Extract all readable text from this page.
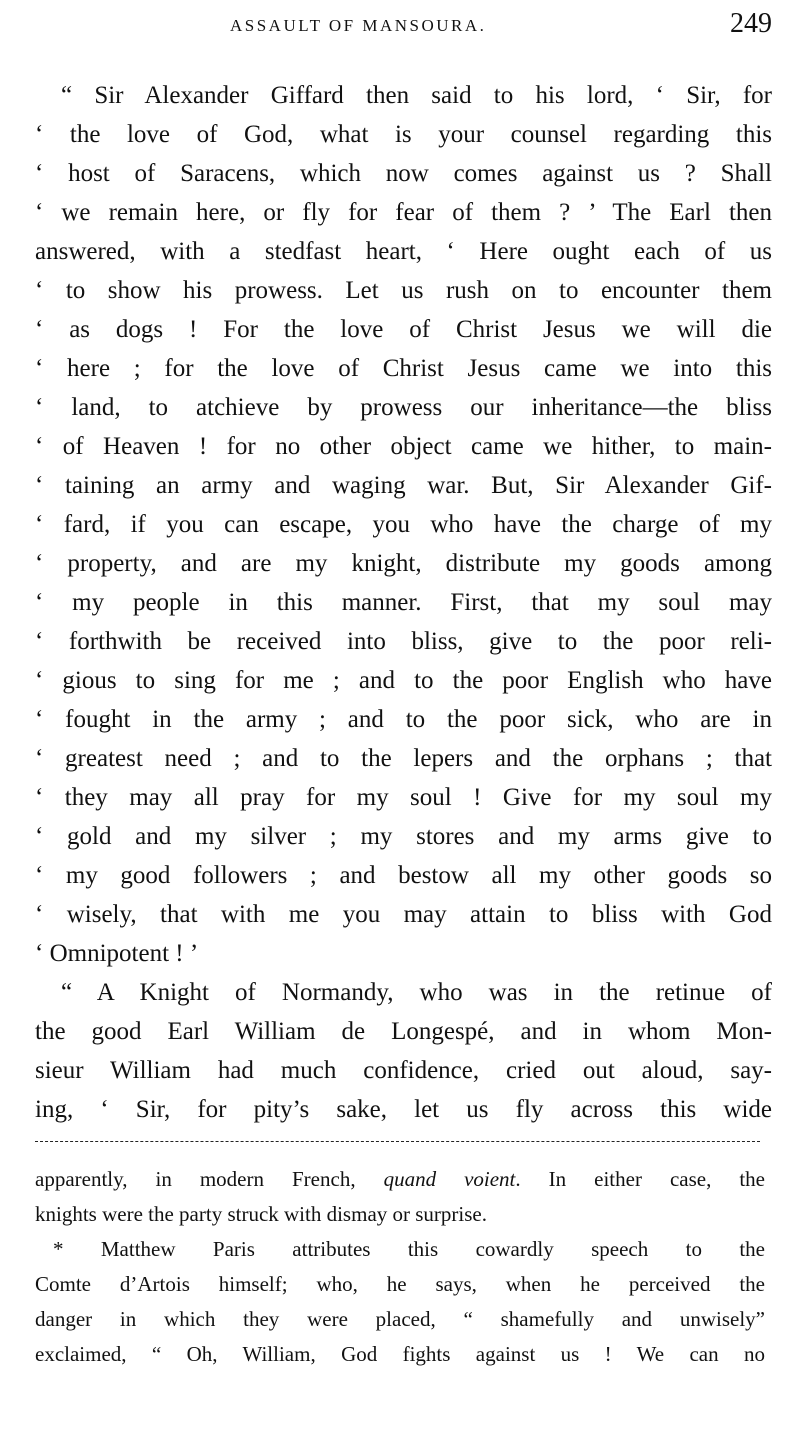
ASSAULT OF MANSOURA.	249
“ Sir Alexander Giffard then said to his lord, ‘ Sir, for
‘ the love of God, what is your counsel regarding this
‘ host of Saracens, which now comes against us ? Shall
‘ we remain here, or fly for fear of them ? ’ The Earl then
answered, with a stedfast heart, ‘ Here ought each of us
‘ to show his prowess. Let us rush on to encounter them
‘ as dogs ! For the love of Christ Jesus we will die
‘ here ; for the love of Christ Jesus came we into this
‘ land, to atchieve by prowess our inheritance—the bliss
‘ of Heaven ! for no other object came we hither, to main-
‘ taining an army and waging war. But, Sir Alexander Gif-
‘ fard, if you can escape, you who have the charge of my
‘ property, and are my knight, distribute my goods among
‘ my people in this manner. First, that my soul may
‘ forthwith be received into bliss, give to the poor reli-
‘ gious to sing for me ; and to the poor English who have
‘ fought in the army ; and to the poor sick, who are in
‘ greatest need ; and to the lepers and the orphans ; that
‘ they may all pray for my soul ! Give for my soul my
‘ gold and my silver ; my stores and my arms give to
‘ my good followers ; and bestow all my other goods so
‘ wisely, that with me you may attain to bliss with God
‘ Omnipotent ! ’
“ A Knight of Normandy, who was in the retinue of
the good Earl William de Longespé, and in whom Mon-
sieur William had much confidence, cried out aloud, say-
ing, ‘ Sir, for pity’s sake, let us fly across this wide
apparently, in modern French, quand voient. In either case, the
knights were the party struck with dismay or surprise.
* Matthew Paris attributes this cowardly speech to the
Comte d’Artois himself; who, he says, when he perceived the
danger in which they were placed, “ shamefully and unwisely”
exclaimed, “ Oh, William, God fights against us ! We can no
